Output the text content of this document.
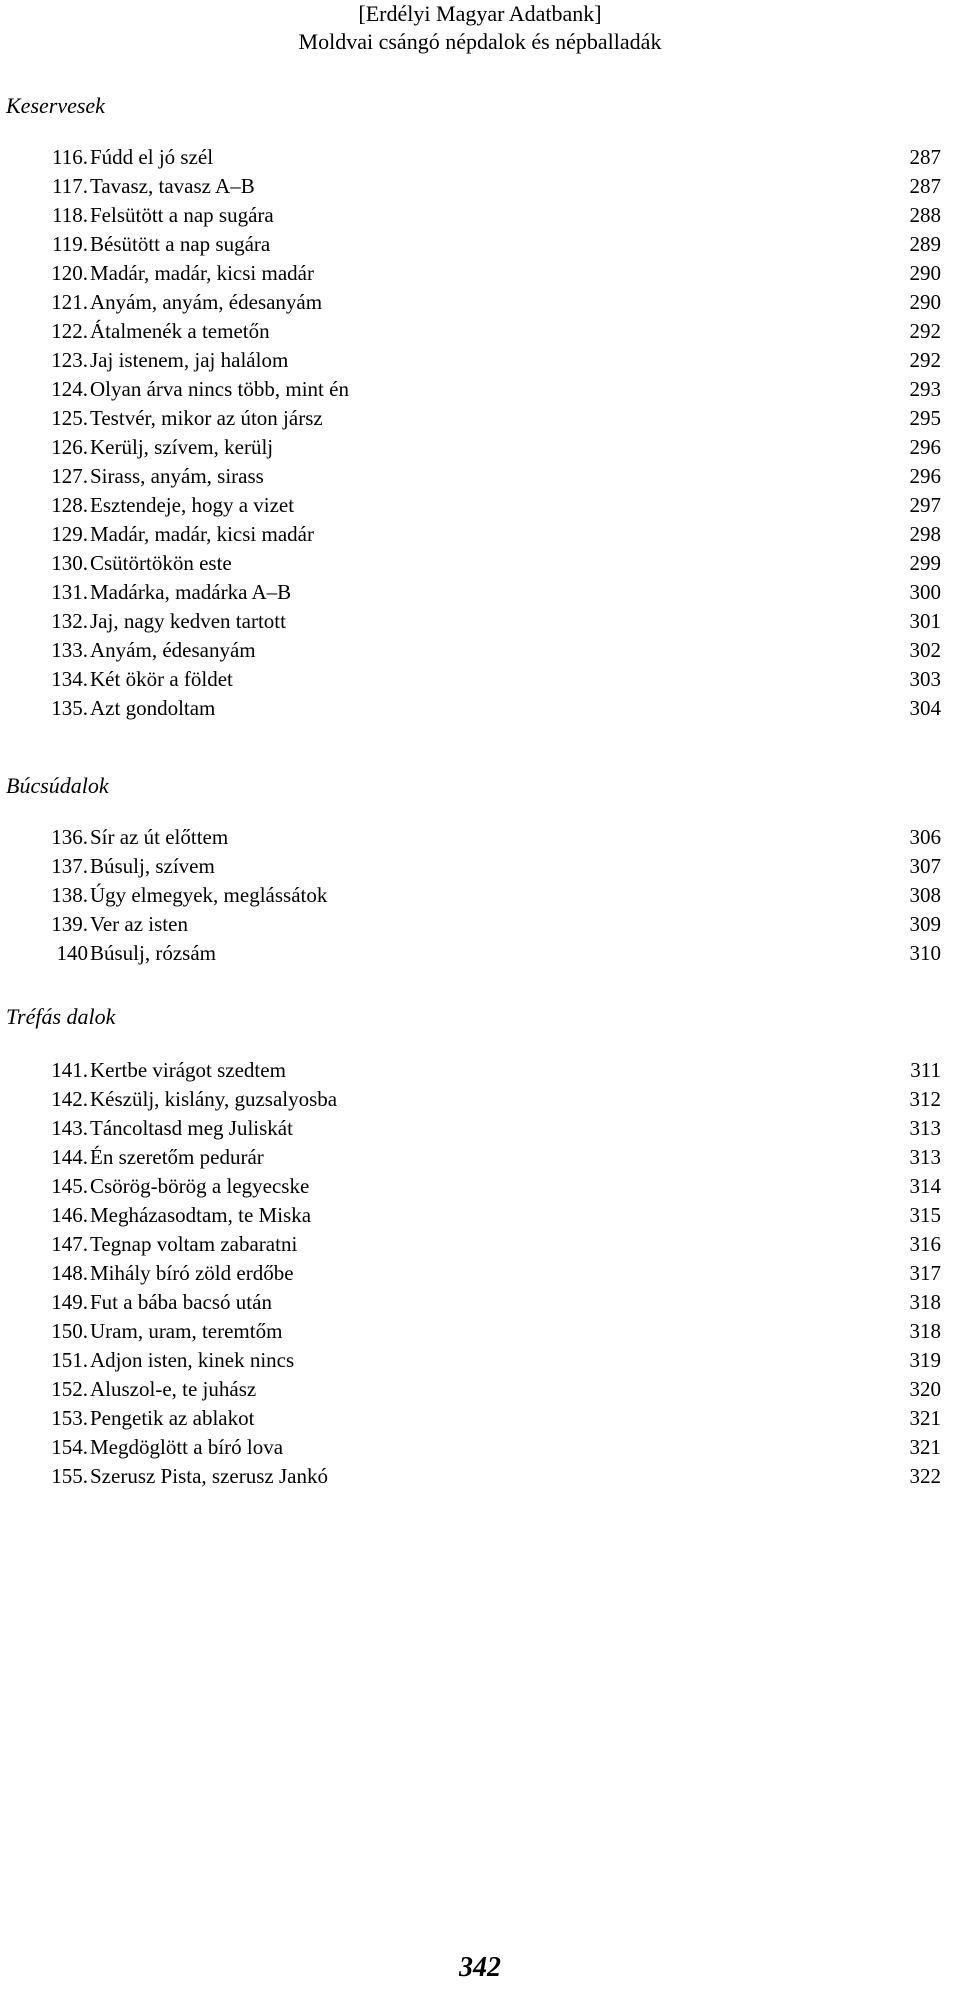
[Erdélyi Magyar Adatbank]
Moldvai csángó népdalok és népballadák
Keservesek
116. Fúdd el jó szél	287
117. Tavasz, tavasz A–B	287
118. Felsütött a nap sugára	288
119. Bésütött a nap sugára	289
120. Madár, madár, kicsi madár	290
121. Anyám, anyám, édesanyám	290
122. Átalmenék a temetőn	292
123. Jaj istenem, jaj halálom	292
124. Olyan árva nincs több, mint én	293
125. Testvér, mikor az úton jársz	295
126. Kerülj, szívem, kerülj	296
127. Sirass, anyám, sirass	296
128. Esztendeje, hogy a vizet	297
129. Madár, madár, kicsi madár	298
130. Csütörtökön este	299
131. Madárka, madárka A–B	300
132. Jaj, nagy kedven tartott	301
133. Anyám, édesanyám	302
134. Két ökör a földet	303
135. Azt gondoltam	304
Búcsúdalok
136. Sír az út előttem	306
137. Búsulj, szívem	307
138. Úgy elmegyek, meglássátok	308
139. Ver az isten	309
140 Búsulj, rózsám	310
Tréfás dalok
141. Kertbe virágot szedtem	311
142. Készülj, kislány, guzsalyosba	312
143. Táncoltasd meg Juliskát	313
144. Én szeretőm pedurár	313
145. Csörög-börög a legyecske	314
146. Megházasodtam, te Miska	315
147. Tegnap voltam zabaratni	316
148. Mihály bíró zöld erdőbe	317
149. Fut a bába bacsó után	318
150. Uram, uram, teremtőm	318
151. Adjon isten, kinek nincs	319
152. Aluszol-e, te juhász	320
153. Pengetik az ablakot	321
154. Megdöglött a bíró lova	321
155. Szerusz Pista, szerusz Jankó	322
342
